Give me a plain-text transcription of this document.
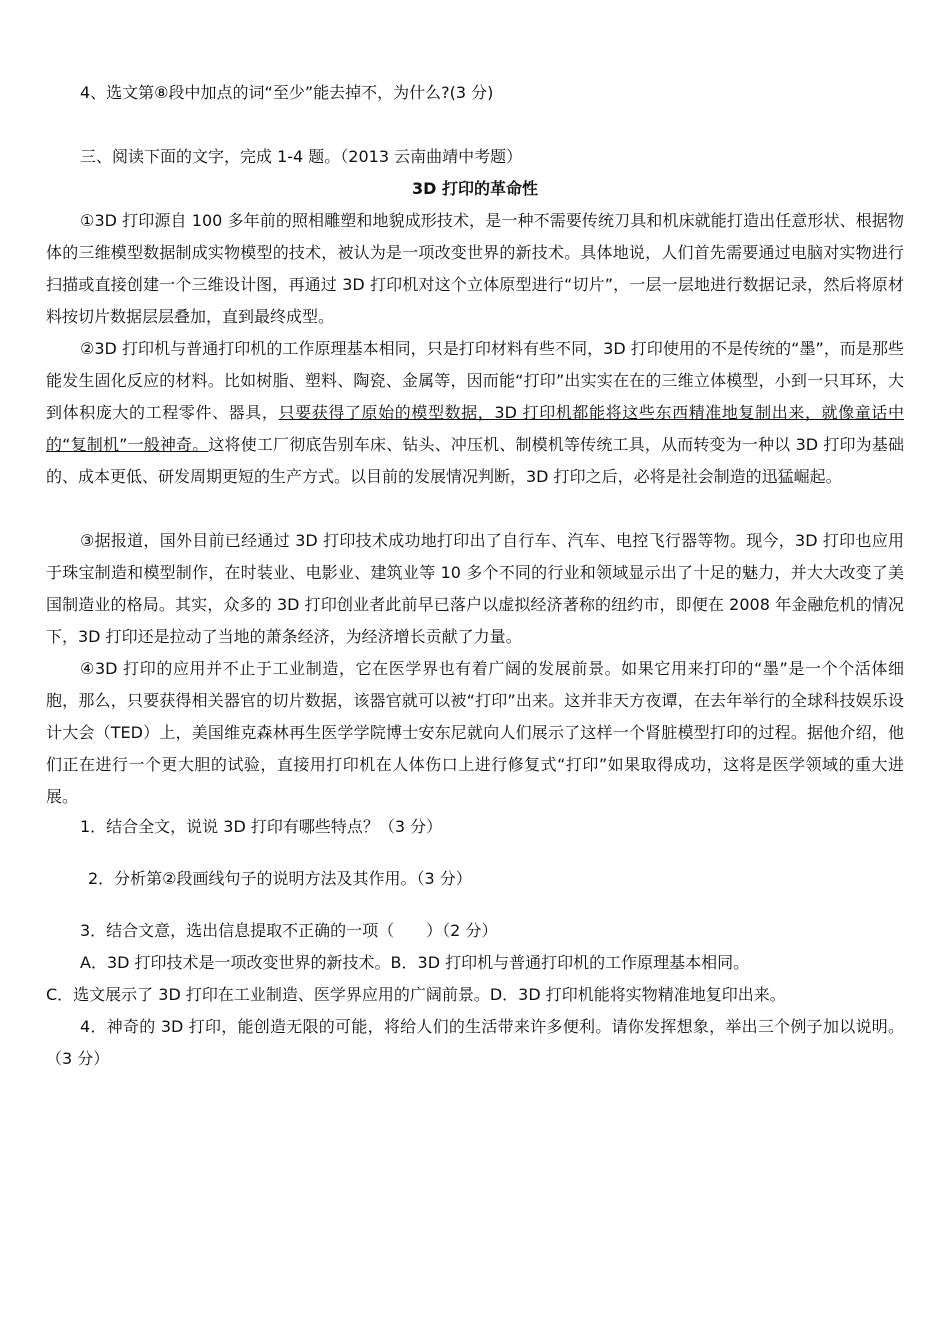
4、选文第⑧段中加点的词“至少”能去掉不，为什么?(3 分)
三、阅读下面的文字，完成 1-4 题。（2013 云南曲靖中考题）
3D 打印的革命性

①3D 打印源自 100 多年前的照相雕塑和地貌成形技术，是一种不需要传统刀具和机床就能打造出任意形状、根据物体的三维模型数据制成实物模型的技术，被认为是一项改变世界的新技术。具体地说，人们首先需要通过电脑对实物进行扫描或直接创建一个三维设计图，再通过 3D 打印机对这个立体原型进行“切片”，一层一层地进行数据记录，然后将原材料按切片数据层层叠加，直到最终成型。

②3D 打印机与普通打印机的工作原理基本相同，只是打印材料有些不同，3D 打印使用的不是传统的“墨”，而是那些能发生固化反应的材料。比如树脂、塑料、陶瓷、金属等，因而能“打印”出实实在在的三维立体模型，小到一只耳环，大到体积庞大的工程零件、器具，只要获得了原始的模型数据，3D 打印机都能将这些东西精准地复制出来，就像童话中的“复制机”一般神奇。这将使工厂彻底告别车床、钻头、冲压机、制模机等传统工具，从而转变为一种以 3D 打印为基础的、成本更低、研发周期更短的生产方式。以目前的发展情况判断，3D 打印之后，必将是社会制造的迅猛崛起。

③据报道，国外目前已经通过 3D 打印技术成功地打印出了自行车、汽车、电控飞行器等物。现今，3D 打印也应用于珠宝制造和模型制作，在时装业、电影业、建筑业等 10 多个不同的行业和领域显示出了十足的魅力，并大大改变了美国制造业的格局。其实，众多的 3D 打印创业者此前早已落户以虚拟经济著称的纽约市，即便在 2008 年金融危机的情况下，3D 打印还是拉动了当地的萧条经济，为经济增长贡献了力量。

④3D 打印的应用并不止于工业制造，它在医学界也有着广阔的发展前景。如果它用来打印的“墨”是一个个活体细胞，那么，只要获得相关器官的切片数据，该器官就可以被“打印”出来。这并非天方夜谭，在去年举行的全球科技娱乐设计大会（TED）上，美国维克森林再生医学学院博士安东尼就向人们展示了这样一个肾脏模型打印的过程。据他介绍，他们正在进行一个更大胆的试验，直接用打印机在人体伤口上进行修复式“打印”如果取得成功，这将是医学领域的重大进展。

1．结合全文，说说 3D 打印有哪些特点？（3 分）
2．分析第②段画线句子的说明方法及其作用。（3 分）
3．结合文意，选出信息提取不正确的一项（　　）（2 分）
A．3D 打印技术是一项改变世界的新技术。B．3D 打印机与普通打印机的工作原理基本相同。
C．选文展示了 3D 打印在工业制造、医学界应用的广阔前景。D．3D 打印机能将实物精准地复印出来。

4．神奇的 3D 打印，能创造无限的可能，将给人们的生活带来许多便利。请你发挥想象，举出三个例子加以说明。（3 分）
